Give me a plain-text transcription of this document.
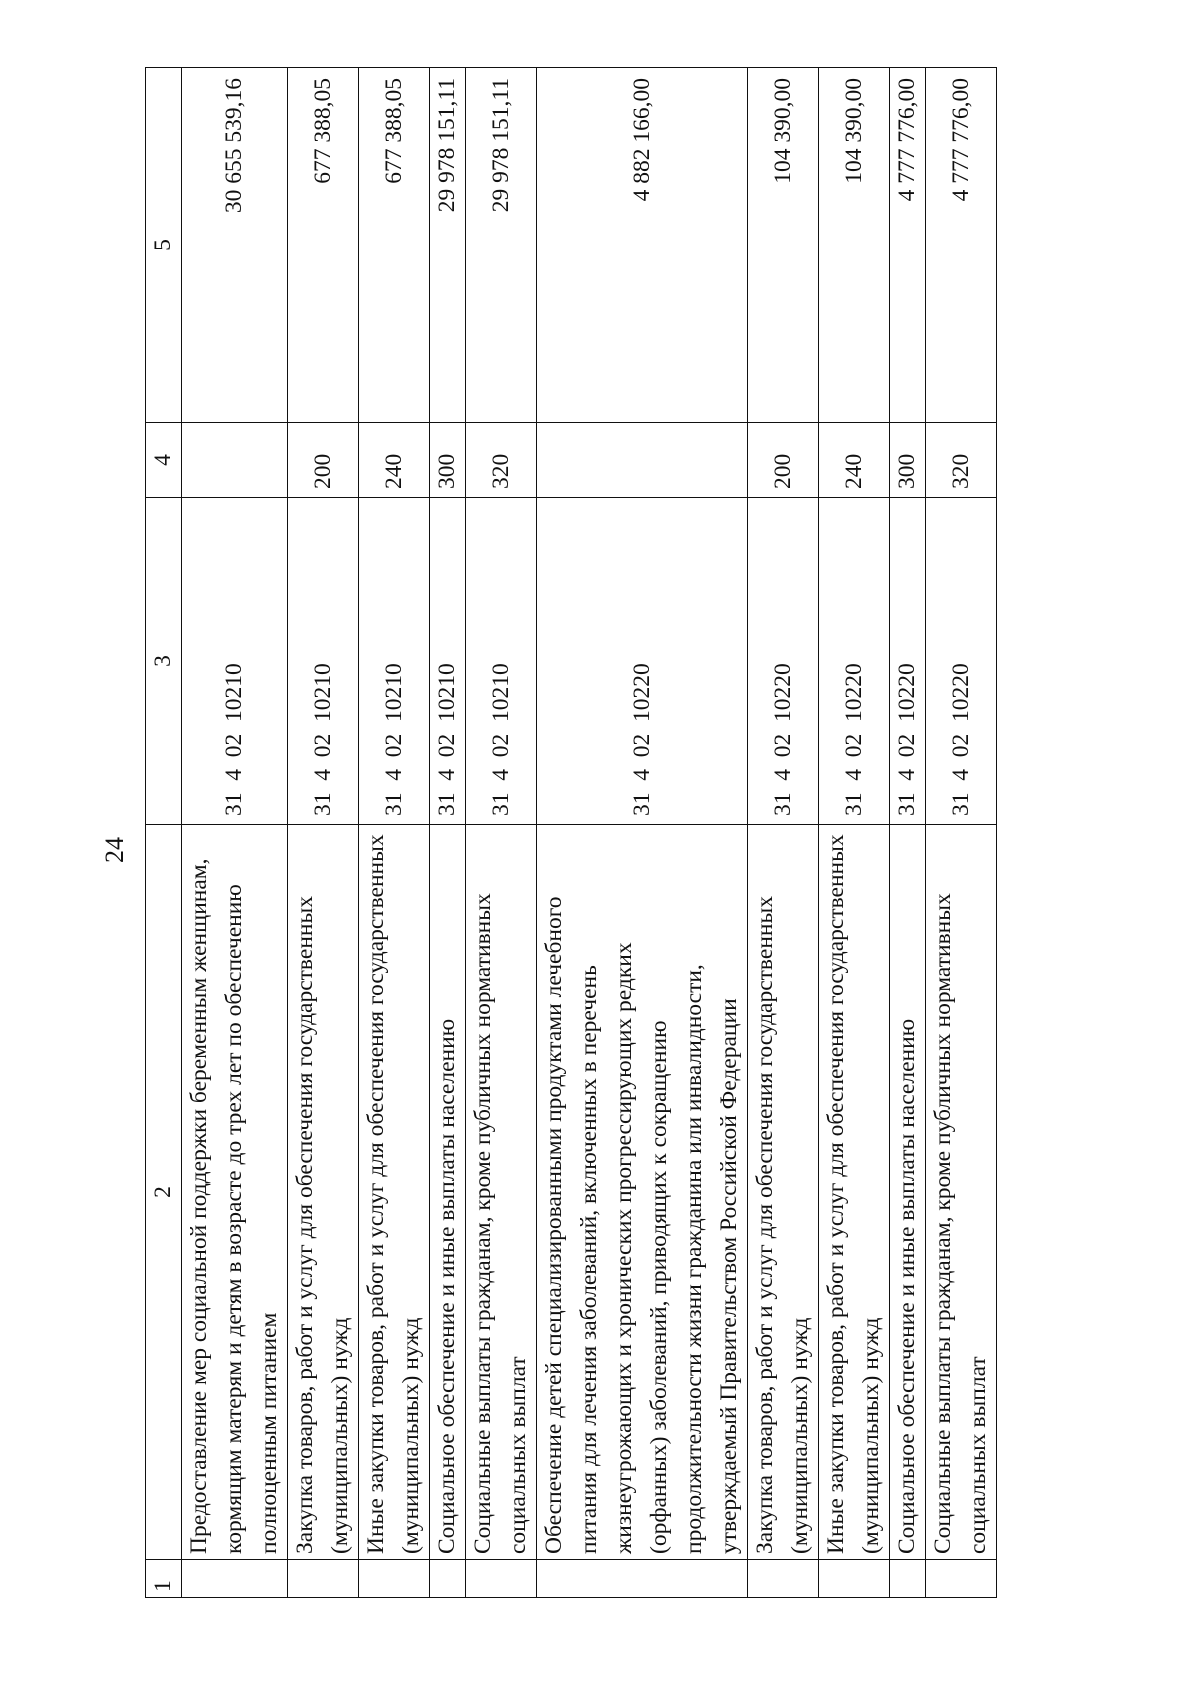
24
1	2	3	4	5
	Предоставление мер социальной поддержки беременным женщинам, кормящим матерям и детям в возрасте до трех лет по обеспечению полноценным питанием	31  4  02  10210		30 655 539,16
	Закупка товаров, работ и услуг для обеспечения государственных (муниципальных) нужд	31  4  02  10210	200	677 388,05
	Иные закупки товаров, работ и услуг для обеспечения государственных (муниципальных) нужд	31  4  02  10210	240	677 388,05
	Социальное обеспечение и иные выплаты населению	31  4  02  10210	300	29 978 151,11
	Социальные выплаты гражданам, кроме публичных нормативных социальных выплат	31  4  02  10210	320	29 978 151,11
	Обеспечение детей специализированными продуктами лечебного питания для лечения заболеваний, включенных в перечень жизнеугрожающих и хронических прогрессирующих редких (орфанных) заболеваний, приводящих к сокращению продолжительности жизни гражданина или инвалидности, утверждаемый Правительством Российской Федерации	31  4  02  10220		4 882 166,00
	Закупка товаров, работ и услуг для обеспечения государственных (муниципальных) нужд	31  4  02  10220	200	104 390,00
	Иные закупки товаров, работ и услуг для обеспечения государственных (муниципальных) нужд	31  4  02  10220	240	104 390,00
	Социальное обеспечение и иные выплаты населению	31  4  02  10220	300	4 777 776,00
	Социальные выплаты гражданам, кроме публичных нормативных социальных выплат	31  4  02  10220	320	4 777 776,00
